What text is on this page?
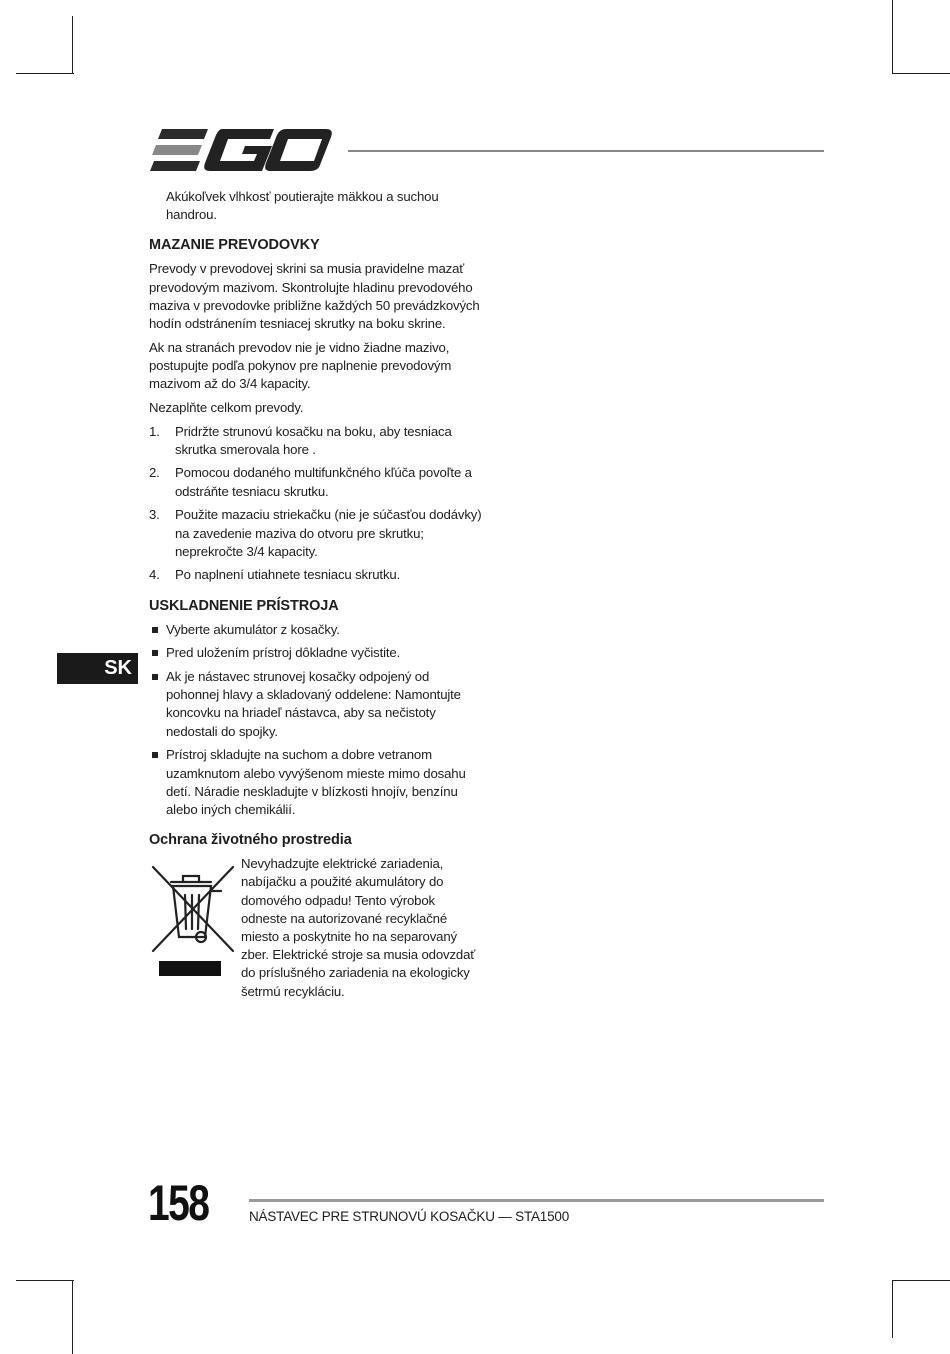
SK

Akúkoľvek vlhkosť poutierajte mäkkou a suchou handrou.

MAZANIE PREVODOVKY

Prevody v prevodovej skrini sa musia pravidelne mazať prevodovým mazivom. Skontrolujte hladinu prevodového maziva v prevodovke približne každých 50 prevádzkových hodín odstránením tesniacej skrutky na boku skrine.

Ak na stranách prevodov nie je vidno žiadne mazivo, postupujte podľa pokynov pre naplnenie prevodovým mazivom až do 3/4 kapacity.

Nezaplňte celkom prevody.

1. Pridržte strunovú kosačku na boku, aby tesniaca skrutka smerovala hore .
2. Pomocou dodaného multifunkčného kľúča povoľte a odstráňte tesniacu skrutku.
3. Použite mazaciu striekačku (nie je súčasťou dodávky) na zavedenie maziva do otvoru pre skrutku; neprekročte 3/4 kapacity.
4. Po naplnení utiahnete tesniacu skrutku.
USKLADNENIE PRÍSTROJA
Vyberte akumulátor z kosačky.
Pred uložením prístroj dôkladne vyčistite.
Ak je nástavec strunovej kosačky odpojený od pohonnej hlavy a skladovaný oddelene: Namontujte koncovku na hriadeľ nástavca, aby sa nečistoty nedostali do spojky.
Prístroj skladujte na suchom a dobre vetranom uzamknutom alebo vyvýšenom mieste mimo dosahu detí. Náradie neskladujte v blízkosti hnojív, benzínu alebo iných chemikálií.
Ochrana životného prostredia
Nevyhadzujte elektrické zariadenia, nabíjačku a použité akumulátory do domového odpadu! Tento výrobok odneste na autorizované recyklačné miesto a poskytnite ho na separovaný zber. Elektrické stroje sa musia odovzdať do príslušného zariadenia na ekologicky šetrmú recykláciu.
158	NÁSTAVEC PRE STRUNOVÚ KOSAČKU — STA1500
